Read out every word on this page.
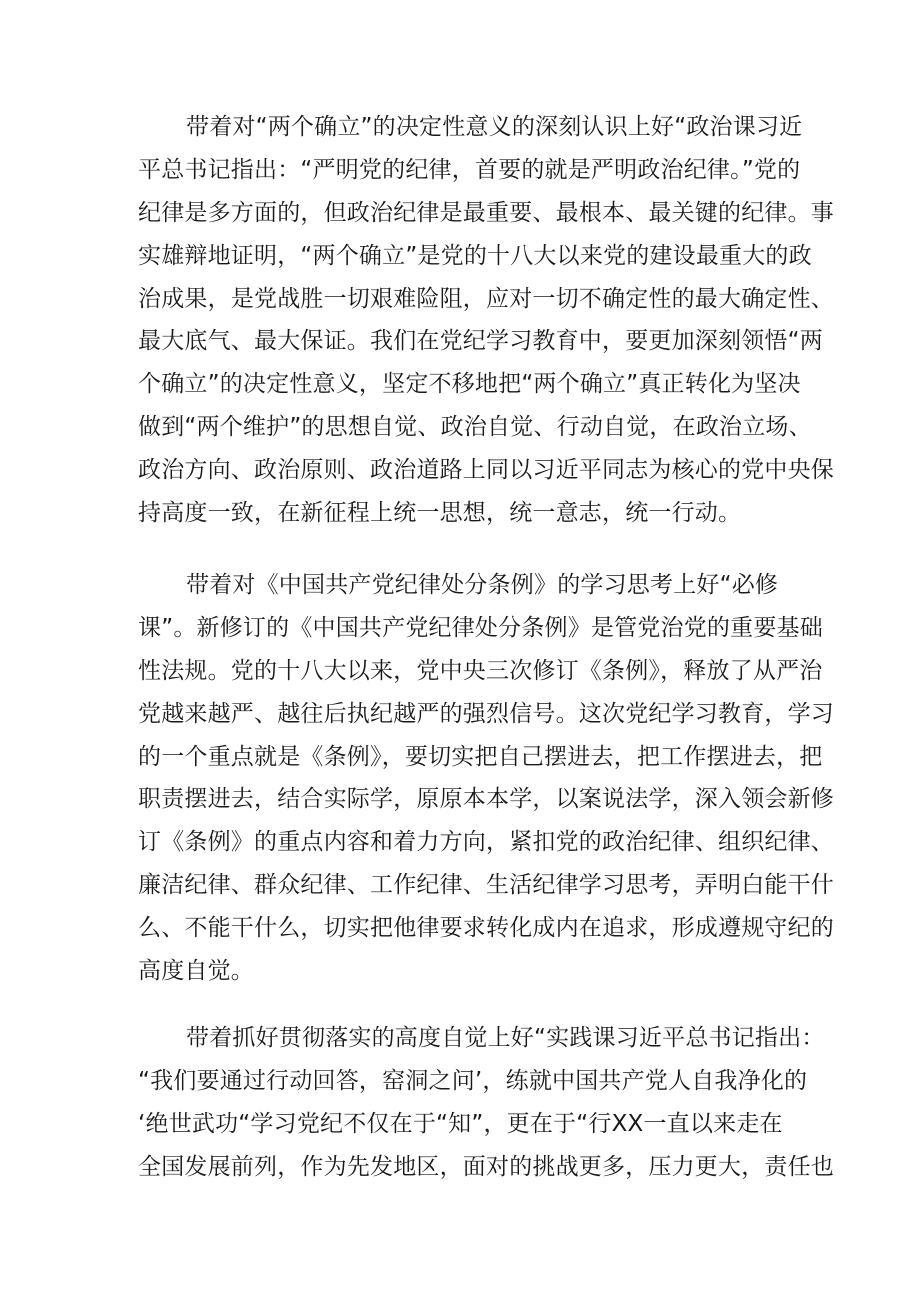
带着对“两个确立”的决定性意义的深刻认识上好“政治课习近
平总书记指出：“严明党的纪律，首要的就是严明政治纪律。”党的
纪律是多方面的，但政治纪律是最重要、最根本、最关键的纪律。事
实雄辩地证明，“两个确立”是党的十八大以来党的建设最重大的政
治成果，是党战胜一切艰难险阻，应对一切不确定性的最大确定性、
最大底气、最大保证。我们在党纪学习教育中，要更加深刻领悟“两
个确立”的决定性意义，坚定不移地把“两个确立”真正转化为坚决
做到“两个维护”的思想自觉、政治自觉、行动自觉，在政治立场、
政治方向、政治原则、政治道路上同以习近平同志为核心的党中央保
持高度一致，在新征程上统一思想，统一意志，统一行动。
带着对《中国共产党纪律处分条例》的学习思考上好“必修
课”。新修订的《中国共产党纪律处分条例》是管党治党的重要基础
性法规。党的十八大以来，党中央三次修订《条例》，释放了从严治
党越来越严、越往后执纪越严的强烈信号。这次党纪学习教育，学习
的一个重点就是《条例》，要切实把自己摆进去，把工作摆进去，把
职责摆进去，结合实际学，原原本本学，以案说法学，深入领会新修
订《条例》的重点内容和着力方向，紧扣党的政治纪律、组织纪律、
廉洁纪律、群众纪律、工作纪律、生活纪律学习思考，弄明白能干什
么、不能干什么，切实把他律要求转化成内在追求，形成遵规守纪的
高度自觉。
带着抓好贯彻落实的高度自觉上好“实践课习近平总书记指出：
“我们要通过行动回答，窑洞之问’，练就中国共产党人自我净化的
‘绝世武功“学习党纪不仅在于“知”，更在于“行XX一直以来走在
全国发展前列，作为先发地区，面对的挑战更多，压力更大，责任也
